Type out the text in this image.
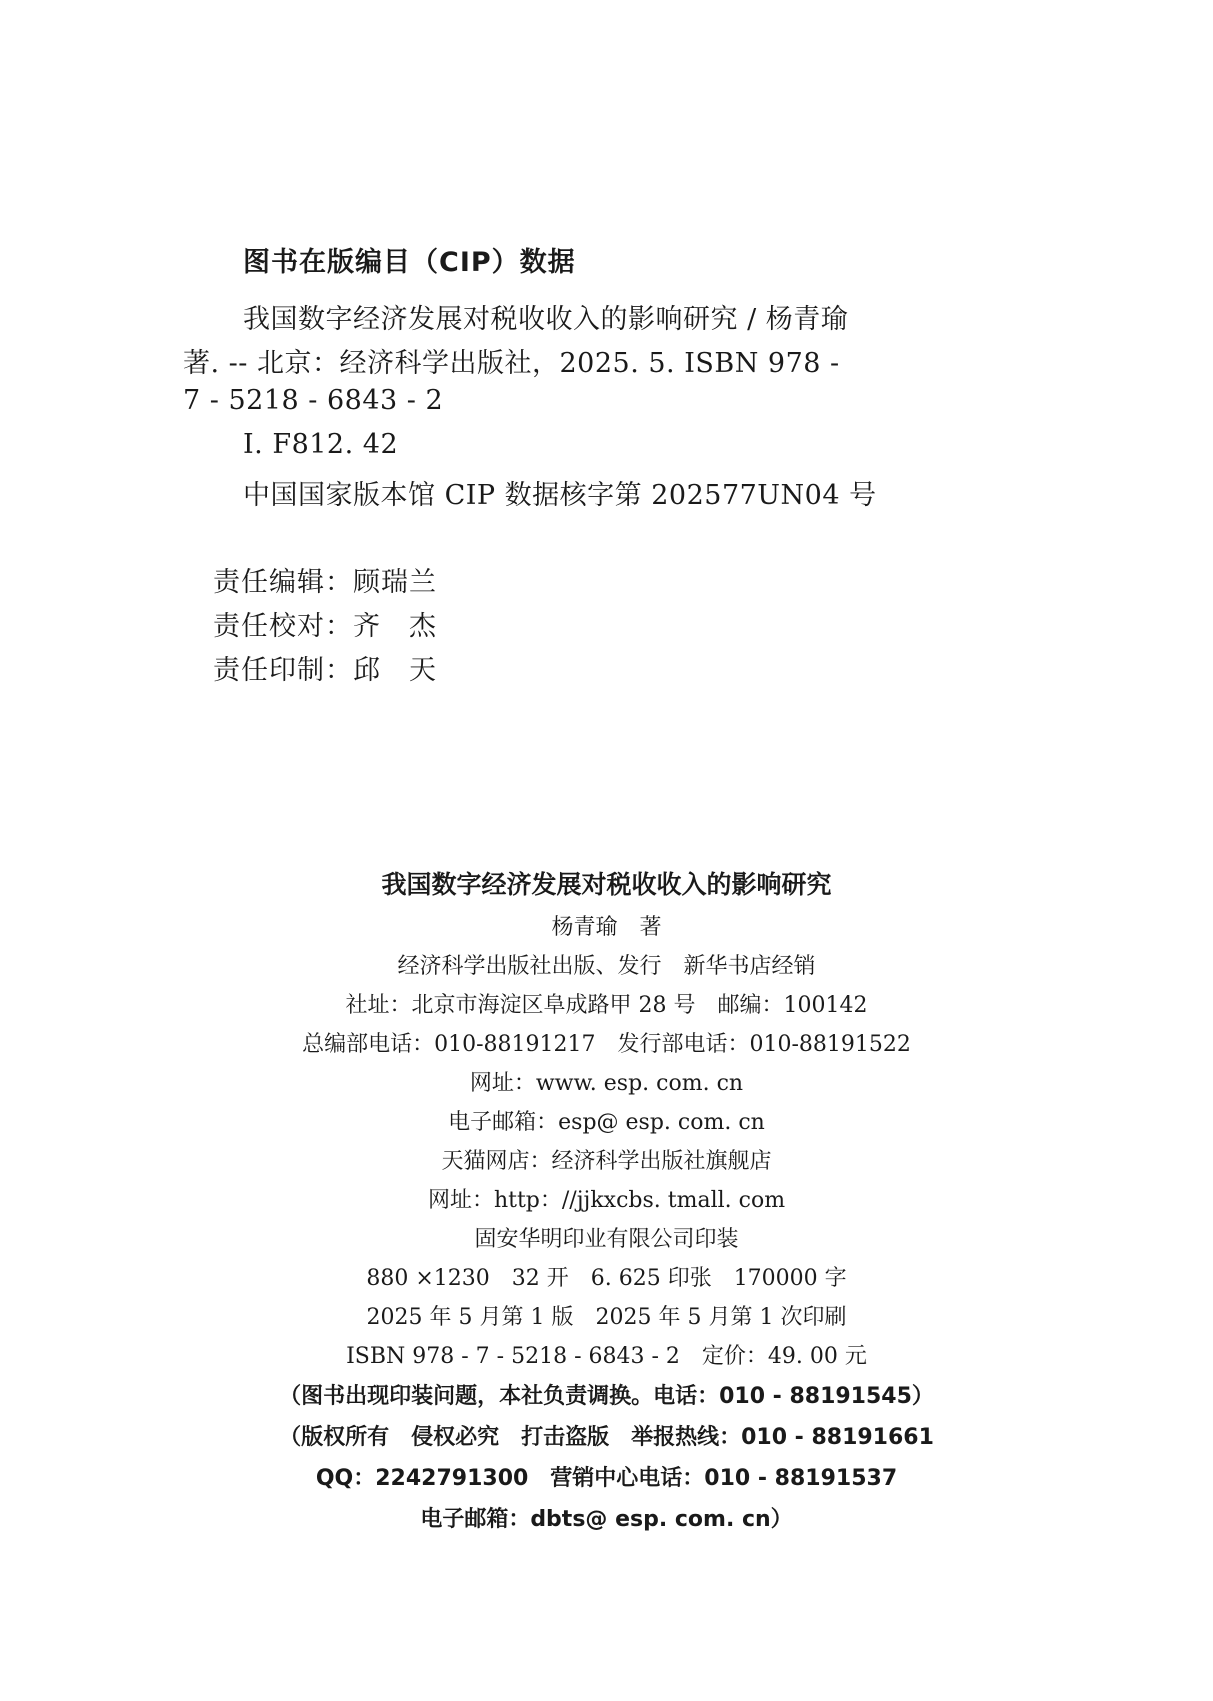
图书在版编目（CIP）数据
我国数字经济发展对税收收入的影响研究 / 杨青瑜
著. -- 北京：经济科学出版社，2025. 5. ISBN 978 -
7 - 5218 - 6843 - 2
Ⅰ. F812. 42
中国国家版本馆 CIP 数据核字第 202577UN04 号
责任编辑： 顾瑞兰
责任校对： 齐　杰
责任印制： 邱　天
我国数字经济发展对税收收入的影响研究
杨青瑜　著
经济科学出版社出版、发行　新华书店经销
社址：北京市海淀区阜成路甲 28 号　邮编：100142
总编部电话：010-88191217　发行部电话：010-88191522
网址：www. esp. com. cn
电子邮箱：esp@ esp. com. cn
天猫网店：经济科学出版社旗舰店
网址：http：//jjkxcbs. tmall. com
固安华明印业有限公司印装
880 ×1230　32 开　6. 625 印张　170000 字
2025 年 5 月第 1 版　2025 年 5 月第 1 次印刷
ISBN 978 - 7 - 5218 - 6843 - 2　定价：49. 00 元
（图书出现印装问题，本社负责调换。电话：010 - 88191545）
（版权所有　侵权必究　打击盗版　举报热线：010 - 88191661
QQ：2242791300　营销中心电话：010 - 88191537
电子邮箱：dbts@ esp. com. cn）
